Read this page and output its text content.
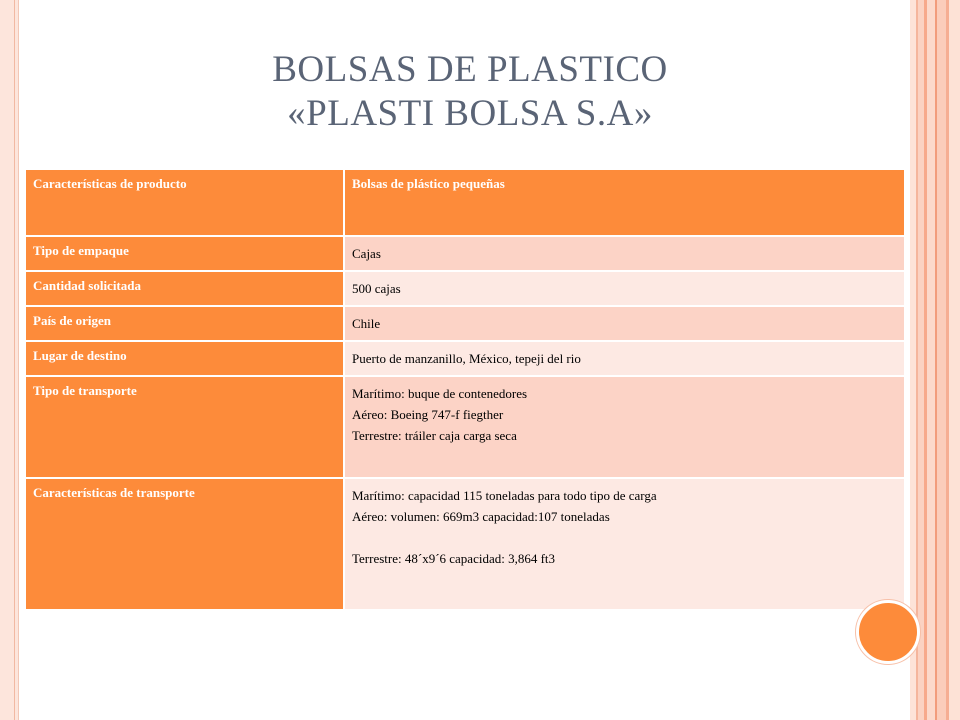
BOLSAS DE PLASTICO
«PLASTI BOLSA S.A»
Características de producto	Bolsas de plástico pequeñas
Tipo de empaque	Cajas

Cantidad solicitada	500 cajas

País de origen	Chile

Lugar de destino	Puerto de manzanillo, México, tepeji del rio

Tipo de transporte	Marítimo: buque de contenedores
Aéreo: Boeing 747-f fiegther
Terrestre: tráiler caja carga seca

Características de transporte	Marítimo: capacidad 115 toneladas para todo tipo de carga
Aéreo: volumen: 669m3 capacidad:107 toneladas

Terrestre: 48´x9´6 capacidad: 3,864 ft3
